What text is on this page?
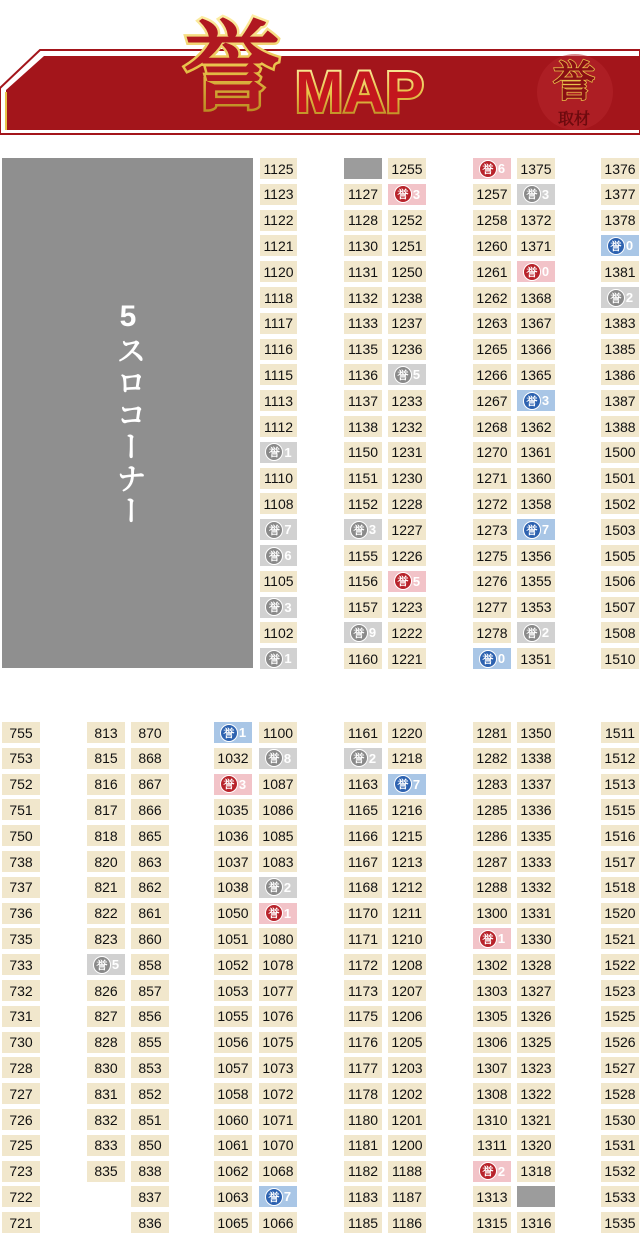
誉 MAP	誉
取材
5スロコーナー
1125
1123
1122
1121
1120
1118
1117
1116
1115
1113
1112
誉 1
1110
1108
誉 7
誉 6
1105
誉 3
1102
誉 1
1127
1128
1130
1131
1132
1133
1135
1136
1137
1138
1150
1151
1152
誉 3
1155
1156
1157
誉 9
1160
1255
誉 3
1252
1251
1250
1238
1237
1236
誉 5
1233
1232
1231
1230
1228
1227
1226
誉 5
1223
1222
1221
誉 6
1257
1258
1260
1261
1262
1263
1265
1266
1267
1268
1270
1271
1272
1273
1275
1276
1277
1278
誉 0
1375
誉 3
1372
1371
誉 0
1368
1367
1366
1365
誉 3
1362
1361
1360
1358
誉 7
1356
1355
1353
誉 2
1351
1376
1377
1378
誉 0
1381
誉 2
1383
1385
1386
1387
1388
1500
1501
1502
1503
1505
1506
1507
1508
1510
755
753
752
751
750
738
737
736
735
733
732
731
730
728
727
726
725
723
722
721
813
815
816
817
818
820
821
822
823
誉 5
826
827
828
830
831
832
833
835
870
868
867
866
865
863
862
861
860
858
857
856
855
853
852
851
850
838
837
836
誉 1
1032
誉 3
1035
1036
1037
1038
1050
1051
1052
1053
1055
1056
1057
1058
1060
1061
1062
1063
1065
1100
誉 8
1087
1086
1085
1083
誉 2
誉 1
1080
1078
1077
1076
1075
1073
1072
1071
1070
1068
誉 7
1066
1161
誉 2
1163
1165
1166
1167
1168
1170
1171
1172
1173
1175
1176
1177
1178
1180
1181
1182
1183
1185
1220
1218
誉 7
1216
1215
1213
1212
1211
1210
1208
1207
1206
1205
1203
1202
1201
1200
1188
1187
1186
1281
1282
1283
1285
1286
1287
1288
1300
誉 1
1302
1303
1305
1306
1307
1308
1310
1311
誉 2
1313
1315
1350
1338
1337
1336
1335
1333
1332
1331
1330
1328
1327
1326
1325
1323
1322
1321
1320
1318
1316
1511
1512
1513
1515
1516
1517
1518
1520
1521
1522
1523
1525
1526
1527
1528
1530
1531
1532
1533
1535
